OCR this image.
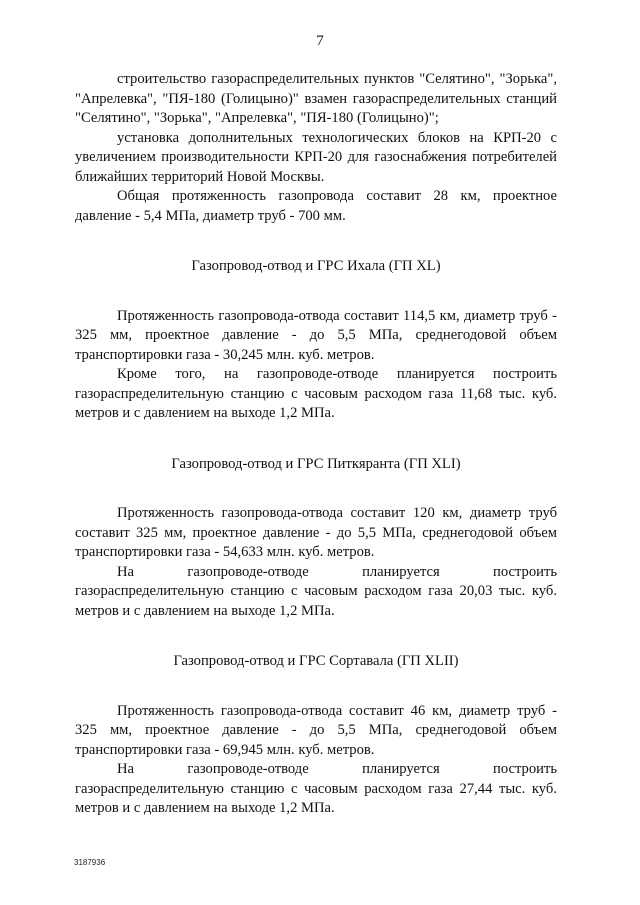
7

строительство газораспределительных пунктов "Селятино", "Зорька", "Апрелевка", "ПЯ-180 (Голицыно)" взамен газораспределительных станций "Селятино", "Зорька", "Апрелевка", "ПЯ-180 (Голицыно)";

установка дополнительных технологических блоков на КРП-20 с увеличением производительности КРП-20 для газоснабжения потребителей ближайших территорий Новой Москвы.

Общая протяженность газопровода составит 28 км, проектное давление - 5,4 МПа, диаметр труб - 700 мм.

Газопровод-отвод и ГРС Ихала (ГП XL)

Протяженность газопровода-отвода составит 114,5 км, диаметр труб - 325 мм, проектное давление - до 5,5 МПа, среднегодовой объем транспортировки газа - 30,245 млн. куб. метров.

Кроме того, на газопроводе-отводе планируется построить газораспределительную станцию с часовым расходом газа 11,68 тыс. куб. метров и с давлением на выходе 1,2 МПа.

Газопровод-отвод и ГРС Питкяранта (ГП XLI)

Протяженность газопровода-отвода составит 120 км, диаметр труб составит 325 мм, проектное давление - до 5,5 МПа, среднегодовой объем транспортировки газа - 54,633 млн. куб. метров.

На газопроводе-отводе планируется построить газораспределительную станцию с часовым расходом газа 20,03 тыс. куб. метров и с давлением на выходе 1,2 МПа.

Газопровод-отвод и ГРС Сортавала (ГП XLII)

Протяженность газопровода-отвода составит 46 км, диаметр труб - 325 мм, проектное давление - до 5,5 МПа, среднегодовой объем транспортировки газа - 69,945 млн. куб. метров.

На газопроводе-отводе планируется построить газораспределительную станцию с часовым расходом газа 27,44 тыс. куб. метров и с давлением на выходе 1,2 МПа.

3187936
